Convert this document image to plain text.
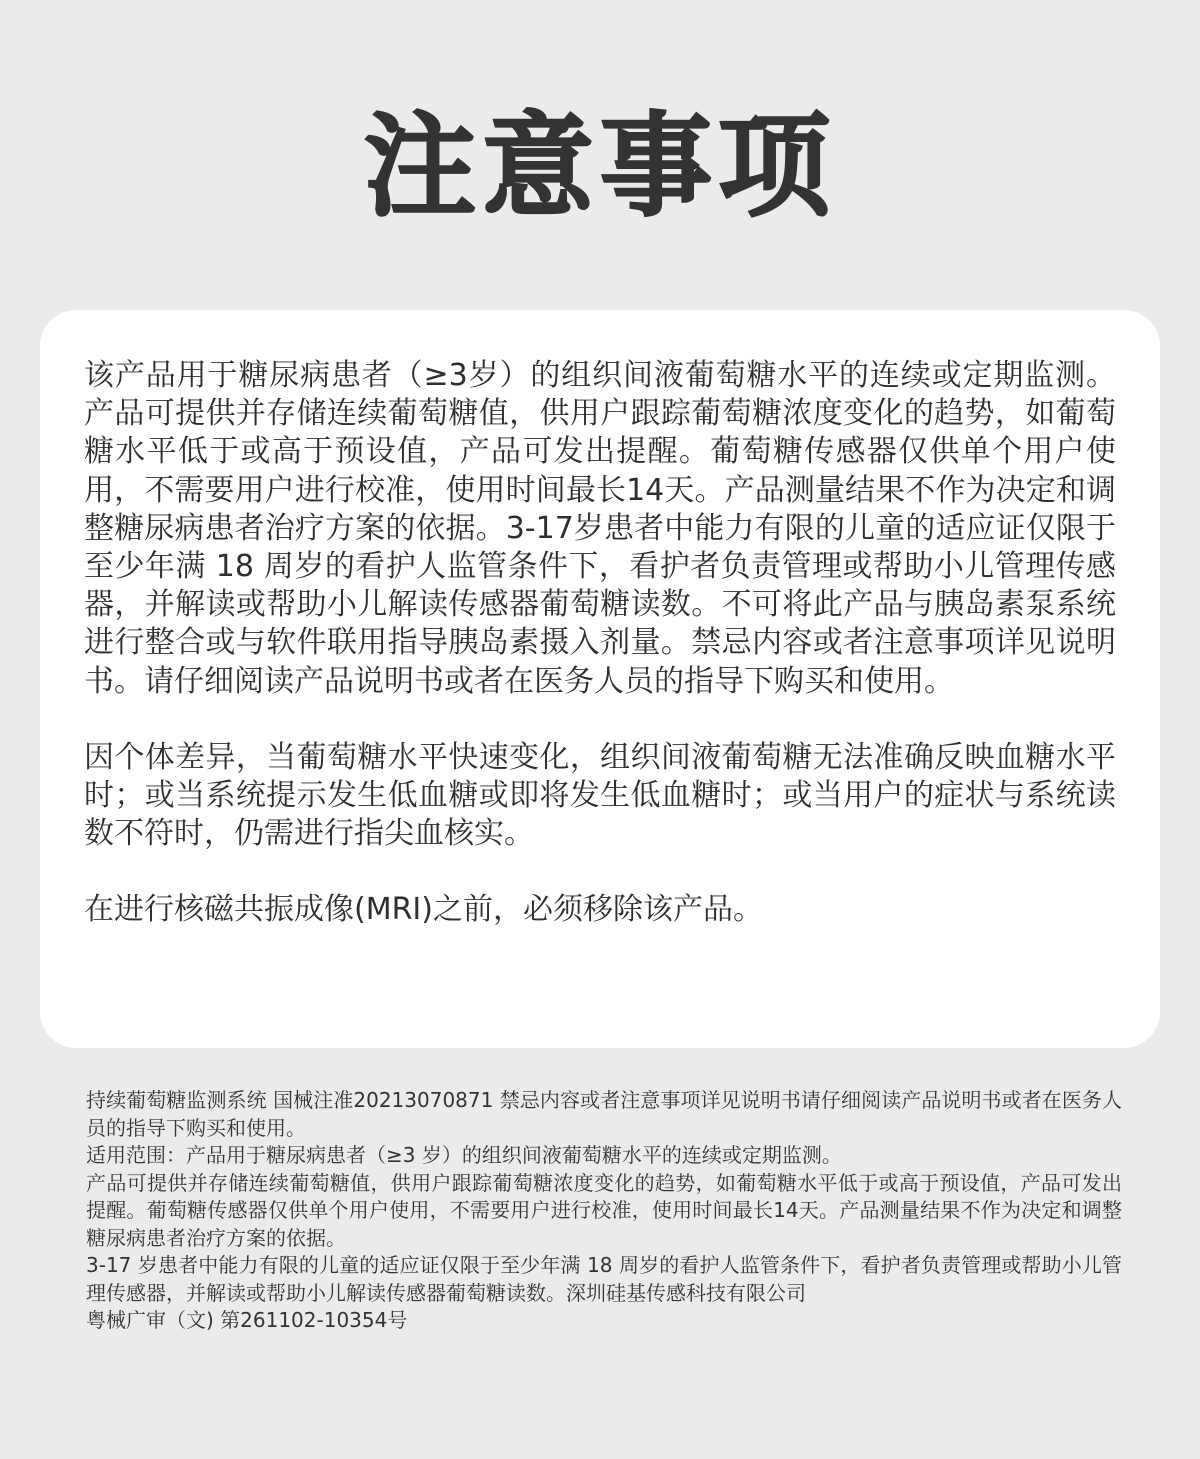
注意事项

该产品用于糖尿病患者（≥3岁）的组织间液葡萄糖水平的连续或定期监测。产品可提供并存储连续葡萄糖值，供用户跟踪葡萄糖浓度变化的趋势，如葡萄糖水平低于或高于预设值，产品可发出提醒。葡萄糖传感器仅供单个用户使用，不需要用户进行校准，使用时间最长14天。产品测量结果不作为决定和调整糖尿病患者治疗方案的依据。3-17岁患者中能力有限的儿童的适应证仅限于至少年满 18 周岁的看护人监管条件下，看护者负责管理或帮助小儿管理传感器，并解读或帮助小儿解读传感器葡萄糖读数。不可将此产品与胰岛素泵系统进行整合或与软件联用指导胰岛素摄入剂量。禁忌内容或者注意事项详见说明书。请仔细阅读产品说明书或者在医务人员的指导下购买和使用。

因个体差异，当葡萄糖水平快速变化，组织间液葡萄糖无法准确反映血糖水平时；或当系统提示发生低血糖或即将发生低血糖时；或当用户的症状与系统读数不符时，仍需进行指尖血核实。

在进行核磁共振成像(MRI)之前，必须移除该产品。

持续葡萄糖监测系统 国械注准20213070871 禁忌内容或者注意事项详见说明书请仔细阅读产品说明书或者在医务人员的指导下购买和使用。

适用范围：产品用于糖尿病患者（≥3 岁）的组织间液葡萄糖水平的连续或定期监测。

产品可提供并存储连续葡萄糖值，供用户跟踪葡萄糖浓度变化的趋势，如葡萄糖水平低于或高于预设值，产品可发出提醒。葡萄糖传感器仅供单个用户使用，不需要用户进行校准，使用时间最长14天。产品测量结果不作为决定和调整糖尿病患者治疗方案的依据。

3-17 岁患者中能力有限的儿童的适应证仅限于至少年满 18 周岁的看护人监管条件下，看护者负责管理或帮助小儿管理传感器，并解读或帮助小儿解读传感器葡萄糖读数。深圳硅基传感科技有限公司

粤械广审（文) 第261102-10354号
